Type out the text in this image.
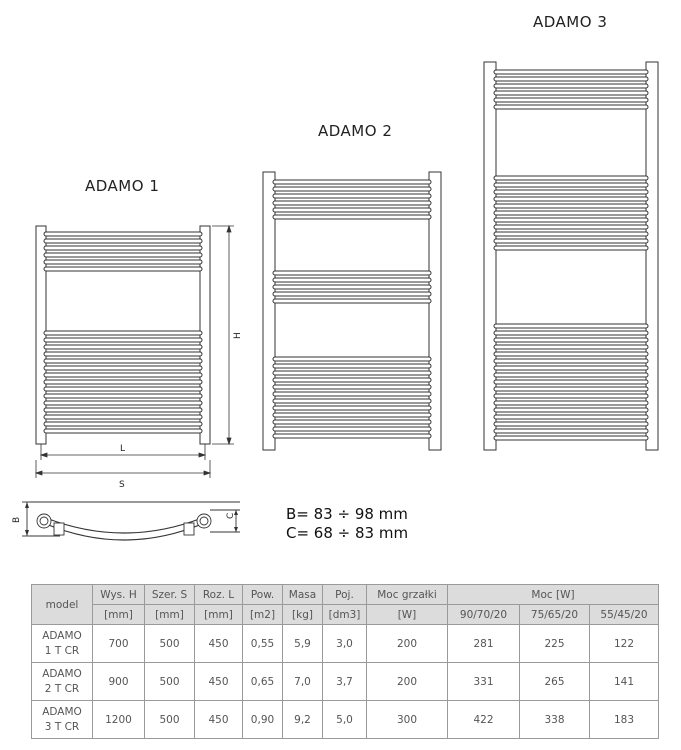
ADAMO 1
ADAMO 2
ADAMO 3
H
L
S
B
C	B= 83 ÷ 98 mm
C= 68 ÷ 83 mm
model	Wys. H	Szer. S	Roz. L	Pow.	Masa	Poj.	Moc grzałki	Moc [W]		
	[mm]	[mm]	[mm]	[m2]	[kg]	[dm3]	[W]	90/70/20	75/65/20	55/45/20
ADAMO
1 T CR	700	500	450	0,55	5,9	3,0	200	281	225	122
ADAMO
2 T CR	900	500	450	0,65	7,0	3,7	200	331	265	141
ADAMO
3 T CR	1200	500	450	0,90	9,2	5,0	300	422	338	183
